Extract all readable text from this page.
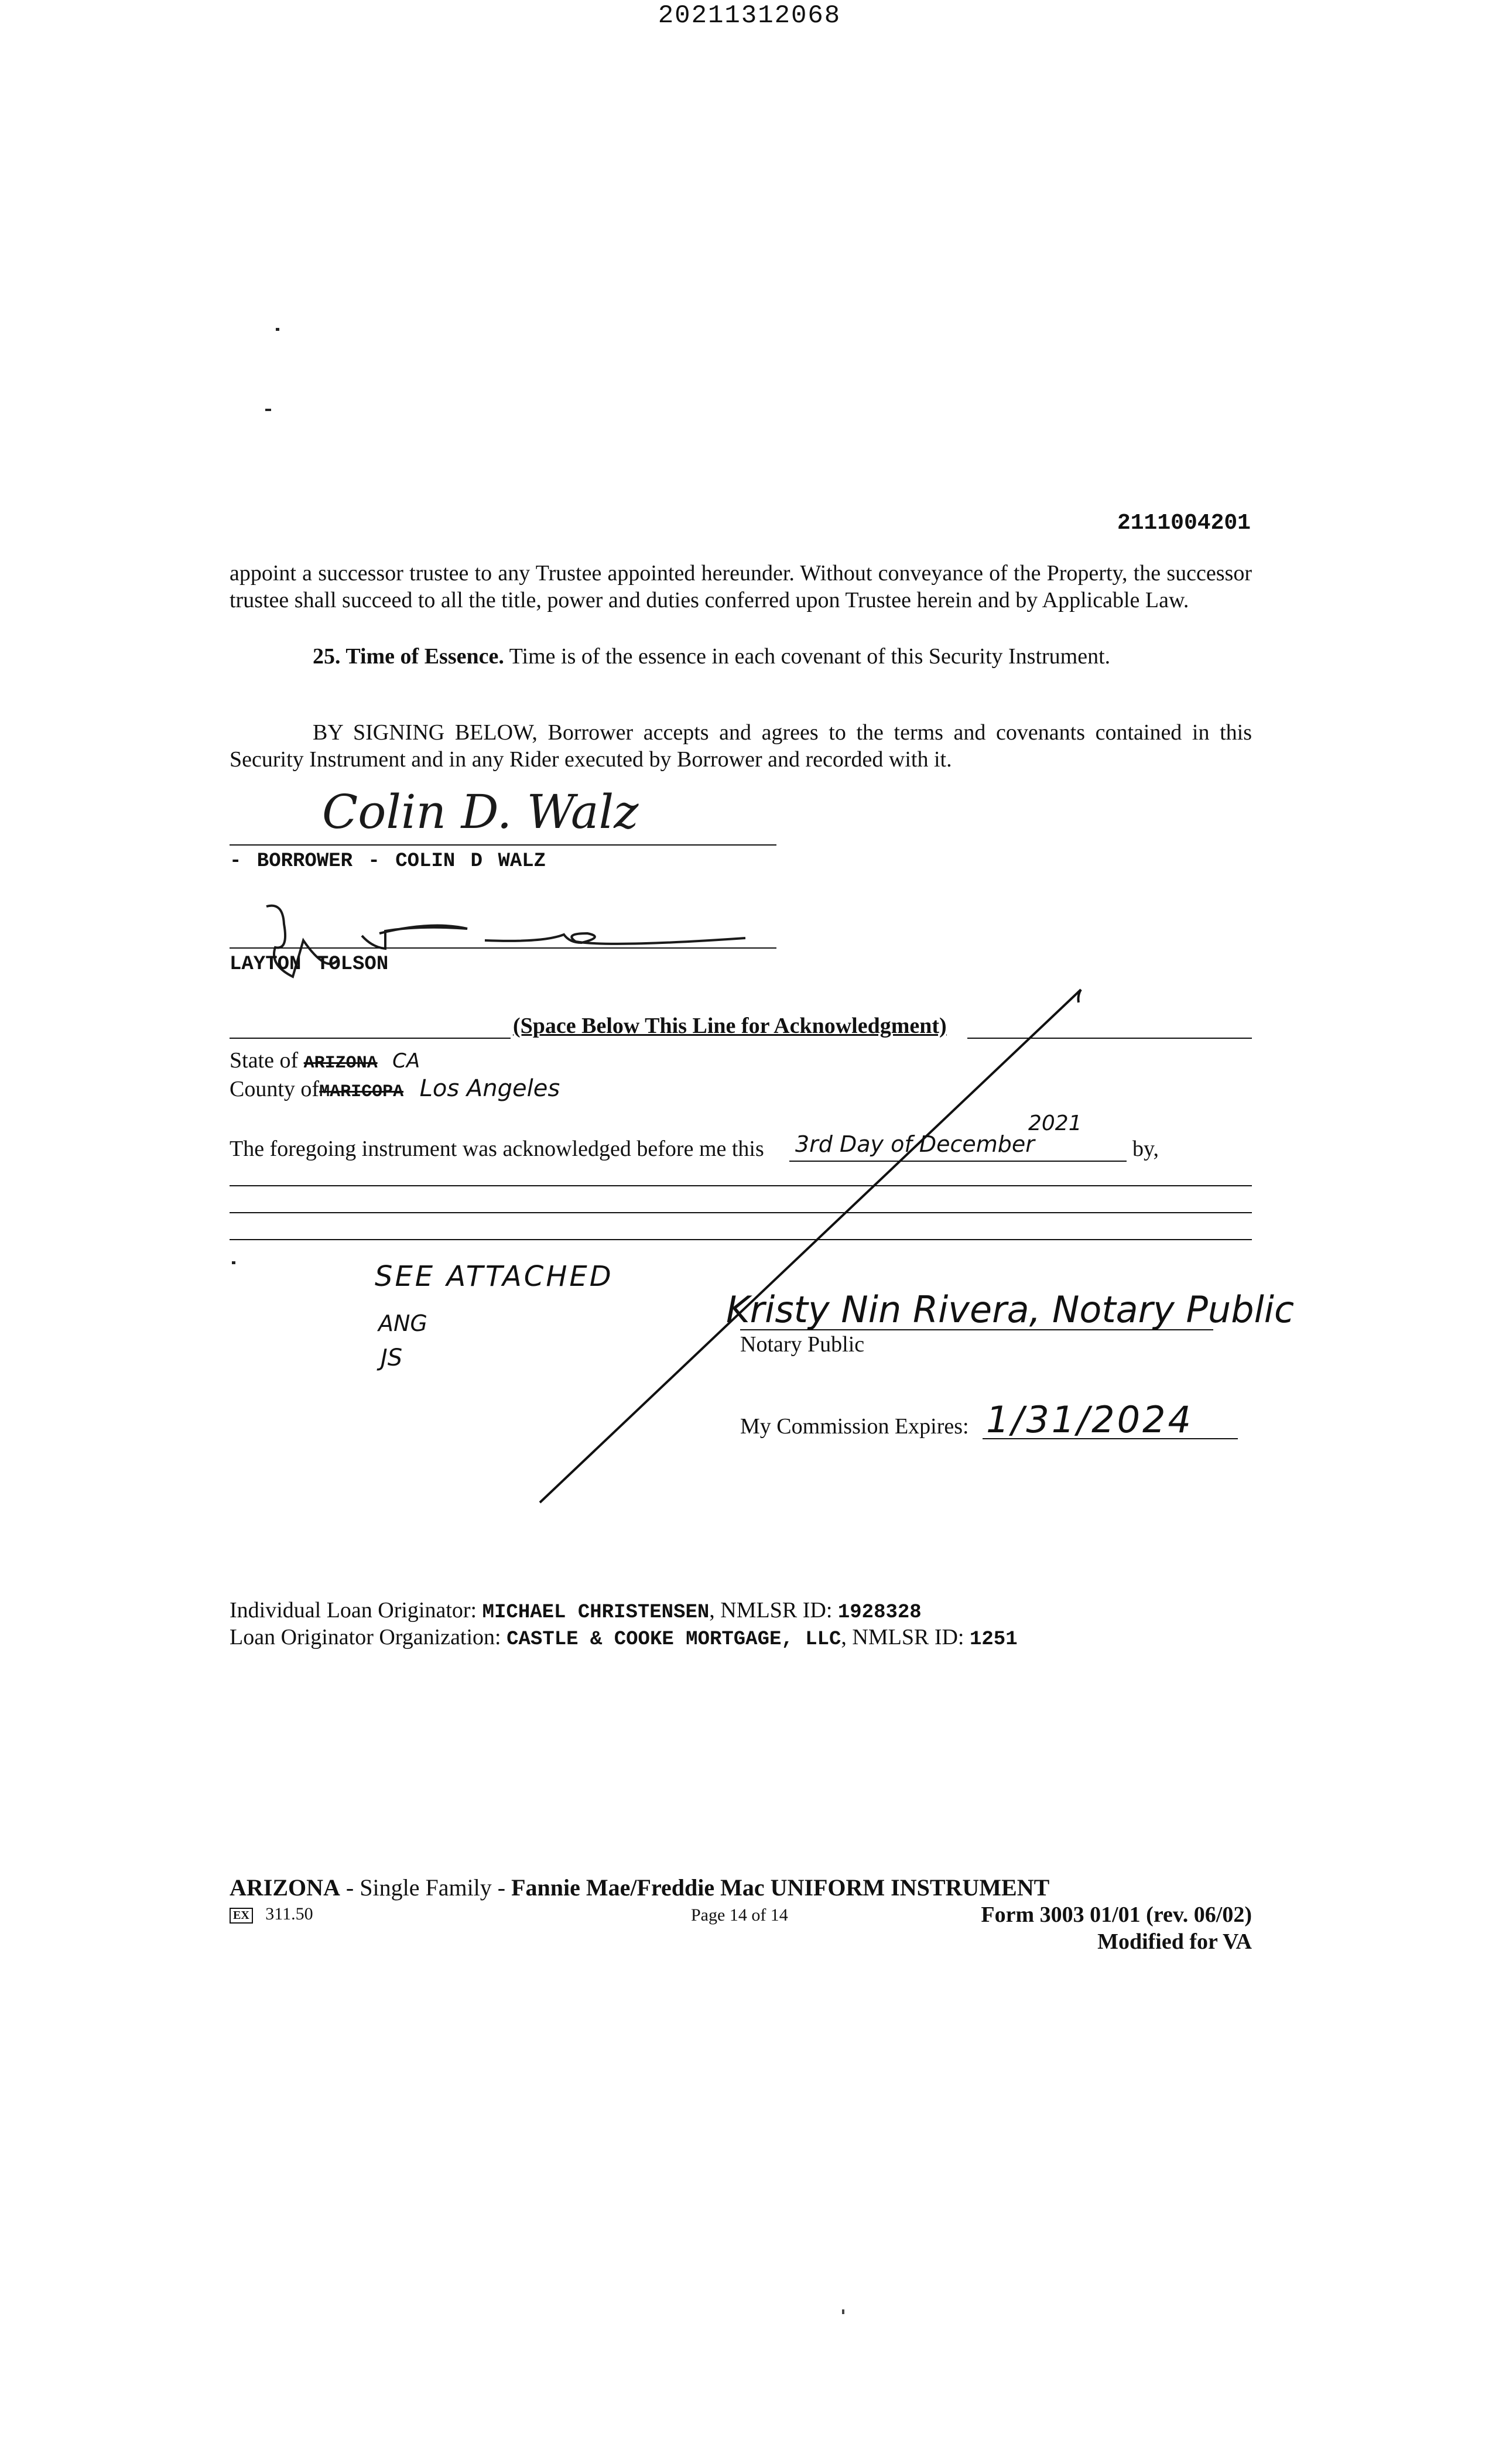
20211312068
2111004201
appoint a successor trustee to any Trustee appointed hereunder. Without conveyance of the Property, the successor trustee shall succeed to all the title, power and duties conferred upon Trustee herein and by Applicable Law.
25. Time of Essence. Time is of the essence in each covenant of this Security Instrument.
BY SIGNING BELOW, Borrower accepts and agrees to the terms and covenants contained in this Security Instrument and in any Rider executed by Borrower and recorded with it.
Colin D. Walz
- BORROWER - COLIN D WALZ
LAYTON TOLSON
(Space Below This Line for Acknowledgment)
State of ARIZONA CA
County ofMARICOPA Los Angeles
The foregoing instrument was acknowledged before me this 3rd Day of December
2021
by,
SEE ATTACHED
ANG
JS
Kristy Nin Rivera, Notary Public
Notary Public
My Commission Expires: 1/31/2024
Individual Loan Originator: MICHAEL CHRISTENSEN, NMLSR ID: 1928328
Loan Originator Organization: CASTLE & COOKE MORTGAGE, LLC, NMLSR ID: 1251
ARIZONA - Single Family - Fannie Mae/Freddie Mac UNIFORM INSTRUMENT
EX 311.50	Page 14 of 14	Form 3003 01/01 (rev. 06/02)
Modified for VA
